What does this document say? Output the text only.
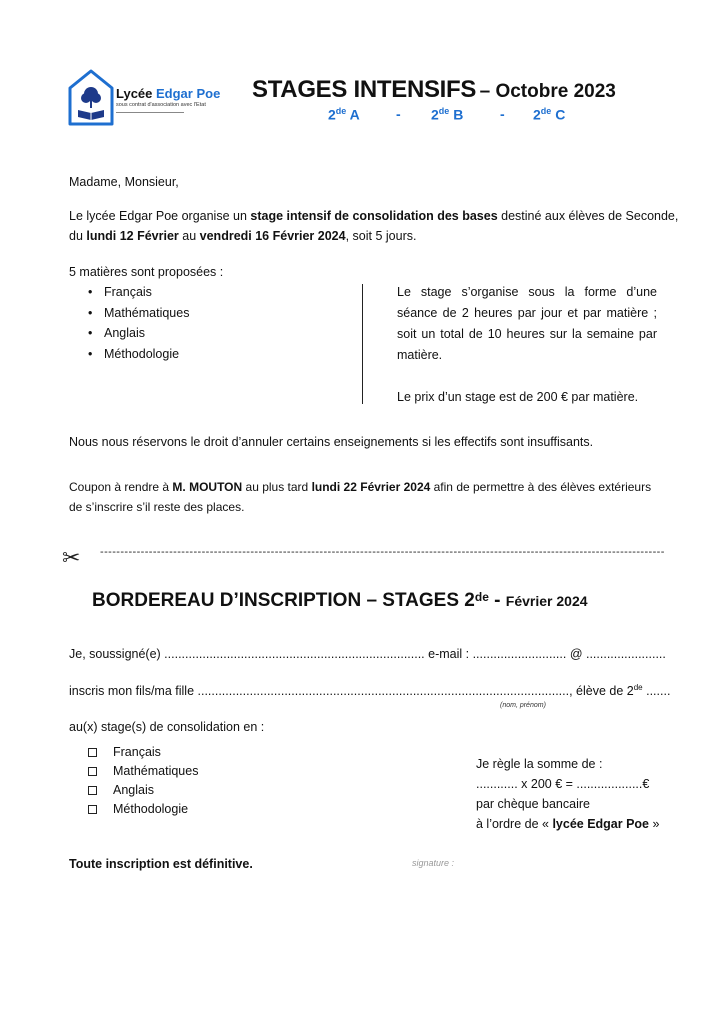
Lycée Edgar Poe
sous contrat d'association avec l'Etat
STAGES INTENSIFS – Octobre 2023
2de A	- 2de B	- 2de C
Madame, Monsieur,
Le lycée Edgar Poe organise un stage intensif de consolidation des bases destiné aux élèves de Seconde,
du lundi 12 Février au vendredi 16 Février 2024, soit 5 jours.
5 matières sont proposées :
• Français
• Mathématiques
• Anglais
• Méthodologie
Le stage s’organise sous la forme d’une séance de 2 heures par jour et par matière ; soit un total de 10 heures sur la semaine par matière.
Le prix d’un stage est de 200 € par matière.
Nous nous réservons le droit d’annuler certains enseignements si les effectifs sont insuffisants.
Coupon à rendre à M. MOUTON au plus tard lundi 22 Février 2024 afin de permettre à des élèves extérieurs
de s’inscrire s’il reste des places.
✂ -------------------------------------------------------------------------------------------------------------------------------------------
BORDEREAU D’INSCRIPTION – STAGES 2de - Février 2024
Je, soussigné(e) ........................................................................... e-mail : ........................... @ .......................
inscris mon fils/ma fille ..........................................................................................................., élève de 2de .......
(nom, prénom)
au(x) stage(s) de consolidation en :
Français
Mathématiques
Anglais
Méthodologie
Je règle la somme de :
............ x 200 € = ...................€
par chèque bancaire
à l’ordre de « lycée Edgar Poe »
Toute inscription est définitive.	signature :
